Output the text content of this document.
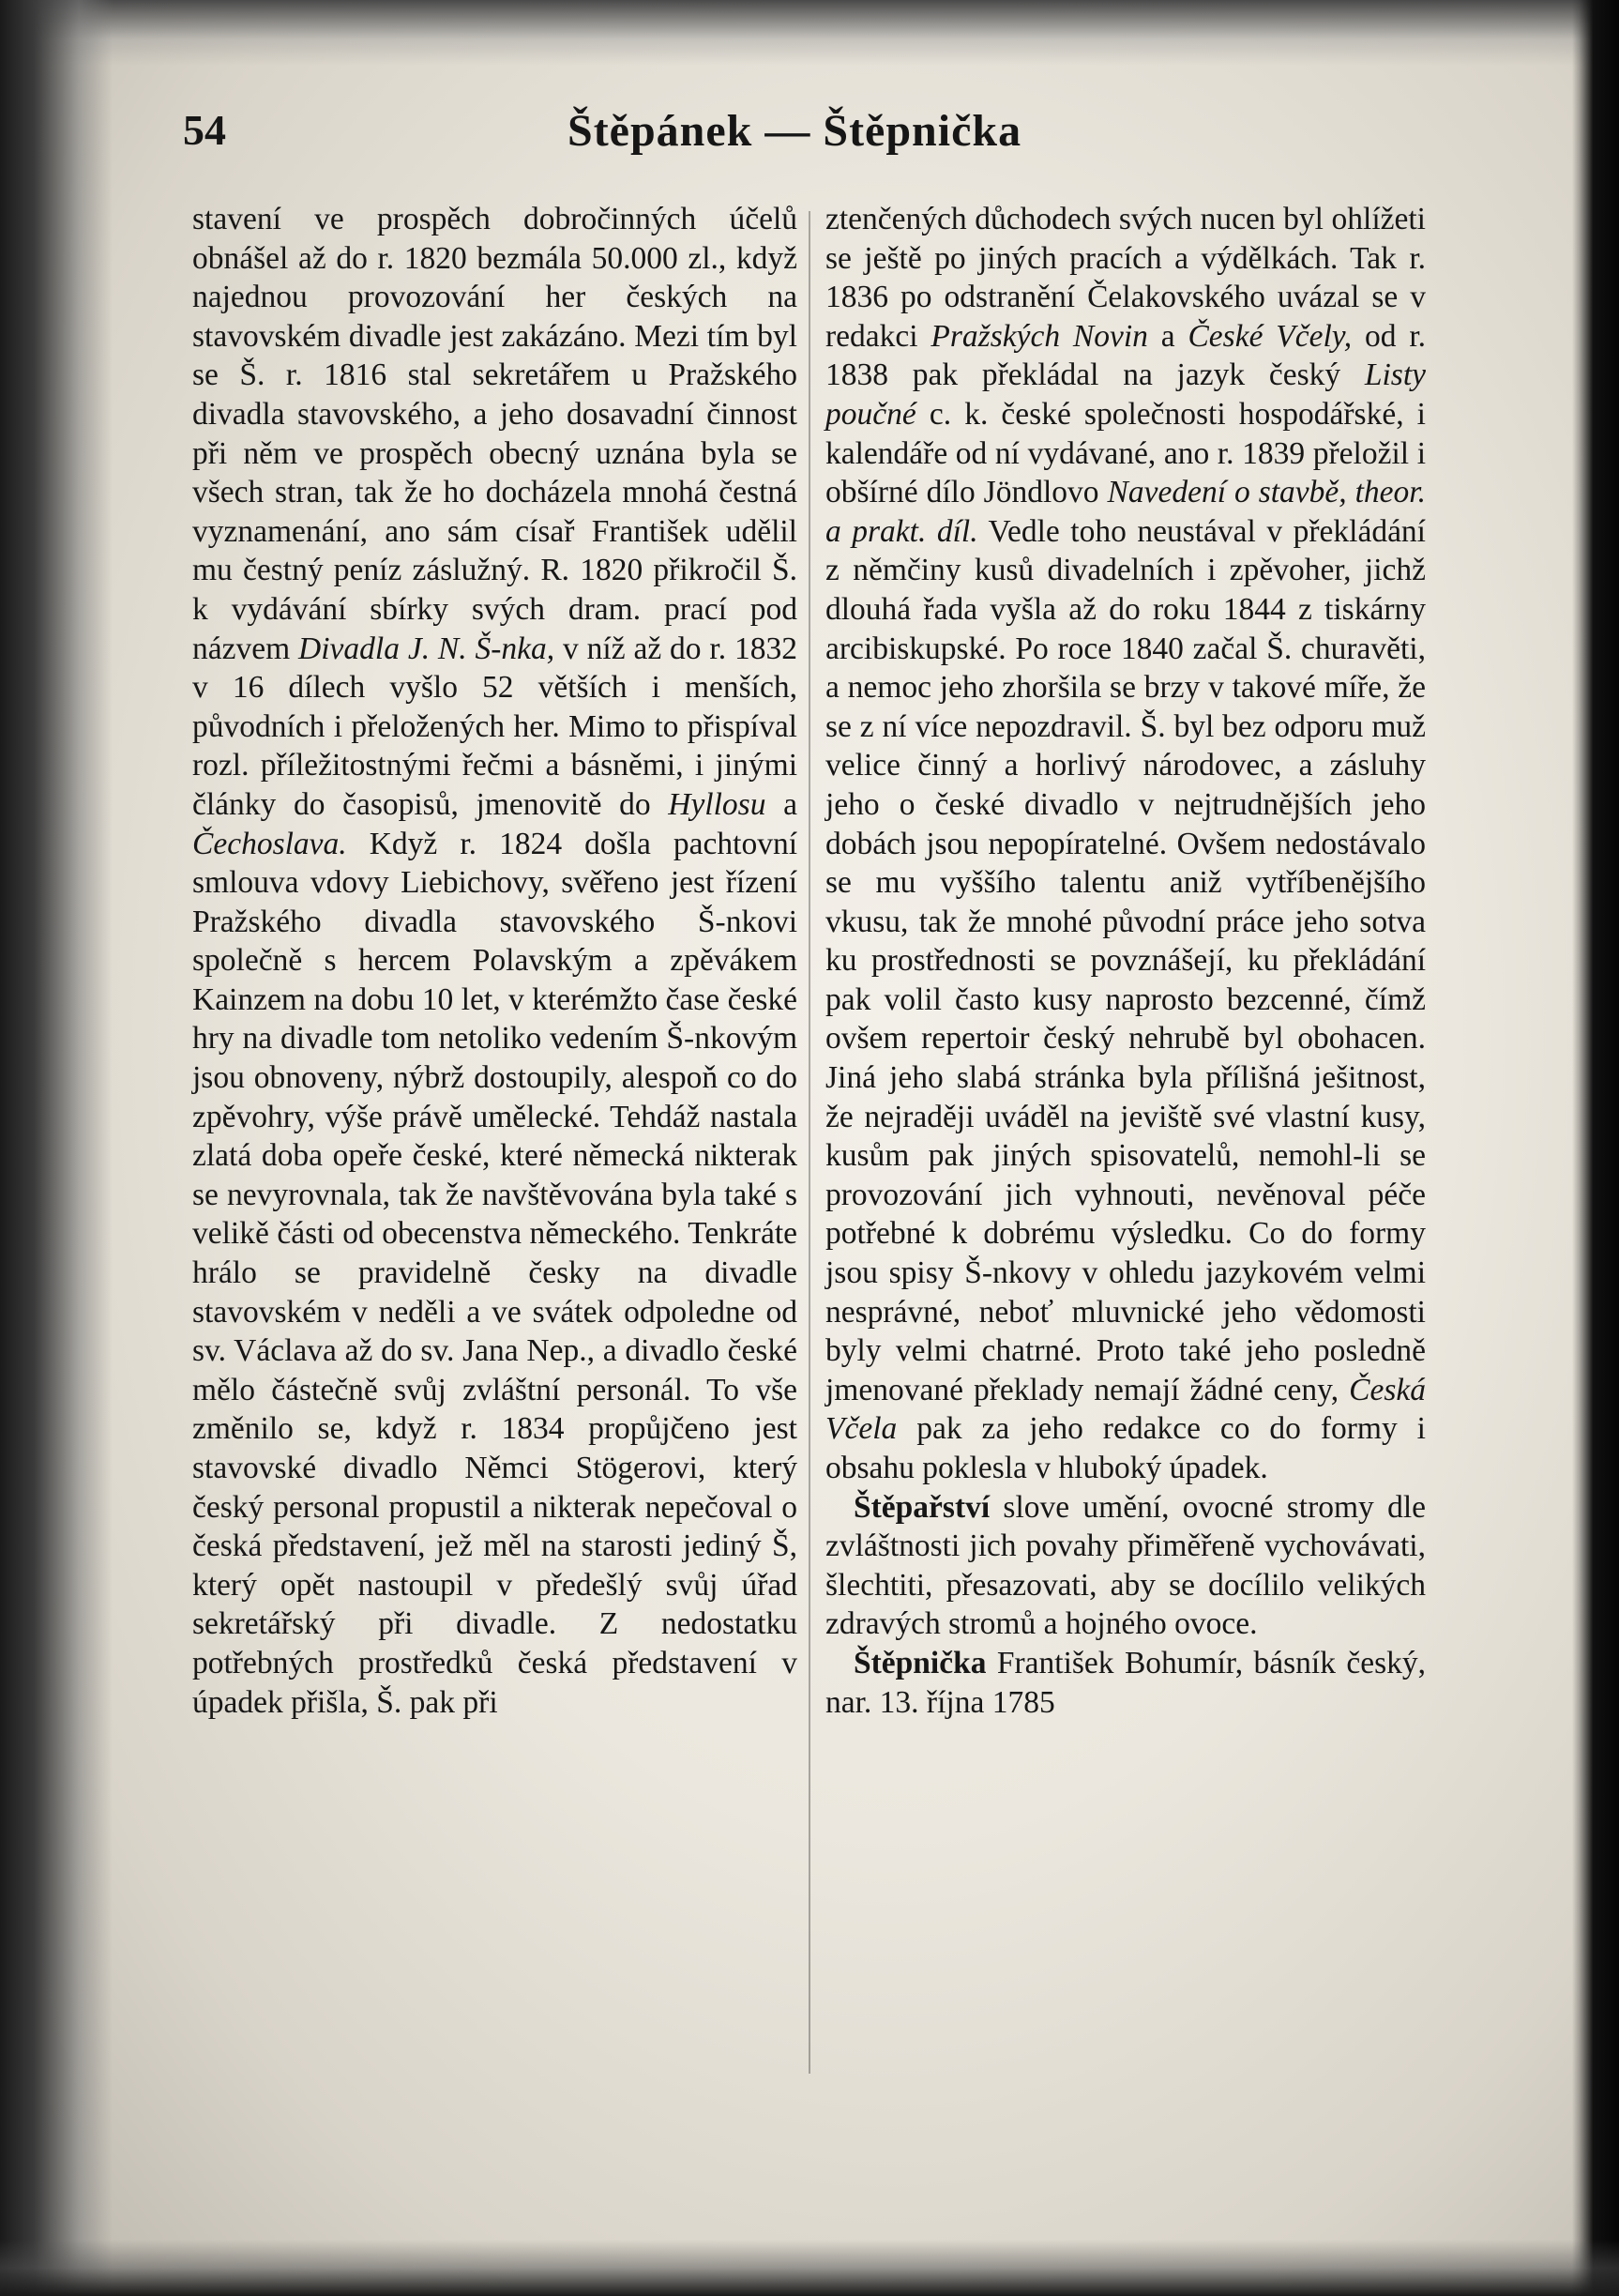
54	Štěpánek — Štěpnička

stavení ve prospěch dobročinných účelů obnášel až do r. 1820 bezmála 50.000 zl., když najednou provozování her českých na stavovském divadle jest zakázáno. Mezi tím byl se Š. r. 1816 stal sekretářem u Pražského divadla stavovského, a jeho dosavadní činnost při něm ve prospěch obecný uznána byla se všech stran, tak že ho docházela mnohá čestná vyznamenání, ano sám císař František udělil mu čestný peníz záslužný. R. 1820 přikročil Š. k vydávání sbírky svých dram. prací pod názvem Divadla J. N. Š-nka, v níž až do r. 1832 v 16 dílech vyšlo 52 větších i menších, původních i přeložených her. Mimo to přispíval rozl. příležitostnými řečmi a básněmi, i jinými články do časopisů, jmenovitě do Hyllosu a Čechoslava. Když r. 1824 došla pachtovní smlouva vdovy Liebichovy, svěřeno jest řízení Pražského divadla stavovského Š-nkovi společně s hercem Polavským a zpěvákem Kainzem na dobu 10 let, v kterémžto čase české hry na divadle tom netoliko vedením Š-nkovým jsou obnoveny, nýbrž dostoupily, alespoň co do zpěvohry, výše právě umělecké. Tehdáž nastala zlatá doba opeře české, které německá nikterak se nevyrovnala, tak že navštěvována byla také s velikě části od obecenstva německého. Tenkráte hrálo se pravidelně česky na divadle stavovském v neděli a ve svátek odpoledne od sv. Václava až do sv. Jana Nep., a divadlo české mělo částečně svůj zvláštní personál. To vše změnilo se, když r. 1834 propůjčeno jest stavovské divadlo Němci Stögerovi, který český personal propustil a nikterak nepečoval o česká představení, jež měl na starosti jediný Š, který opět nastoupil v předešlý svůj úřad sekretářský při divadle. Z nedostatku potřebných prostředků česká představení v úpadek přišla, Š. pak při

ztenčených důchodech svých nucen byl ohlížeti se ještě po jiných pracích a výdělkách. Tak r. 1836 po odstranění Čelakovského uvázal se v redakci Pražských Novin a České Včely, od r. 1838 pak překládal na jazyk český Listy poučné c. k. české společnosti hospodářské, i kalendáře od ní vydávané, ano r. 1839 přeložil i obšírné dílo Jöndlovo Navedení o stavbě, theor. a prakt. díl. Vedle toho neustával v překládání z němčiny kusů divadelních i zpěvoher, jichž dlouhá řada vyšla až do roku 1844 z tiskárny arcibiskupské. Po roce 1840 začal Š. churavěti, a nemoc jeho zhoršila se brzy v takové míře, že se z ní více nepozdravil. Š. byl bez odporu muž velice činný a horlivý národovec, a zásluhy jeho o české divadlo v nejtrudnějších jeho dobách jsou nepopíratelné. Ovšem nedostávalo se mu vyššího talentu aniž vytříbenějšího vkusu, tak že mnohé původní práce jeho sotva ku prostřednosti se povznášejí, ku překládání pak volil často kusy naprosto bezcenné, čímž ovšem repertoir český nehrubě byl obohacen. Jiná jeho slabá stránka byla přílišná ješitnost, že nejraději uváděl na jeviště své vlastní kusy, kusům pak jiných spisovatelů, nemohl-li se provozování jich vyhnouti, nevěnoval péče potřebné k dobrému výsledku. Co do formy jsou spisy Š-nkovy v ohledu jazykovém velmi nesprávné, neboť mluvnické jeho vědomosti byly velmi chatrné. Proto také jeho posledně jmenované překlady nemají žádné ceny, Česká Včela pak za jeho redakce co do formy i obsahu poklesla v hluboký úpadek.

Štěpařství slove umění, ovocné stromy dle zvláštnosti jich povahy přiměřeně vychovávati, šlechtiti, přesazovati, aby se docílilo velikých zdravých stromů a hojného ovoce.

Štěpnička František Bohumír, básník český, nar. 13. října 1785
